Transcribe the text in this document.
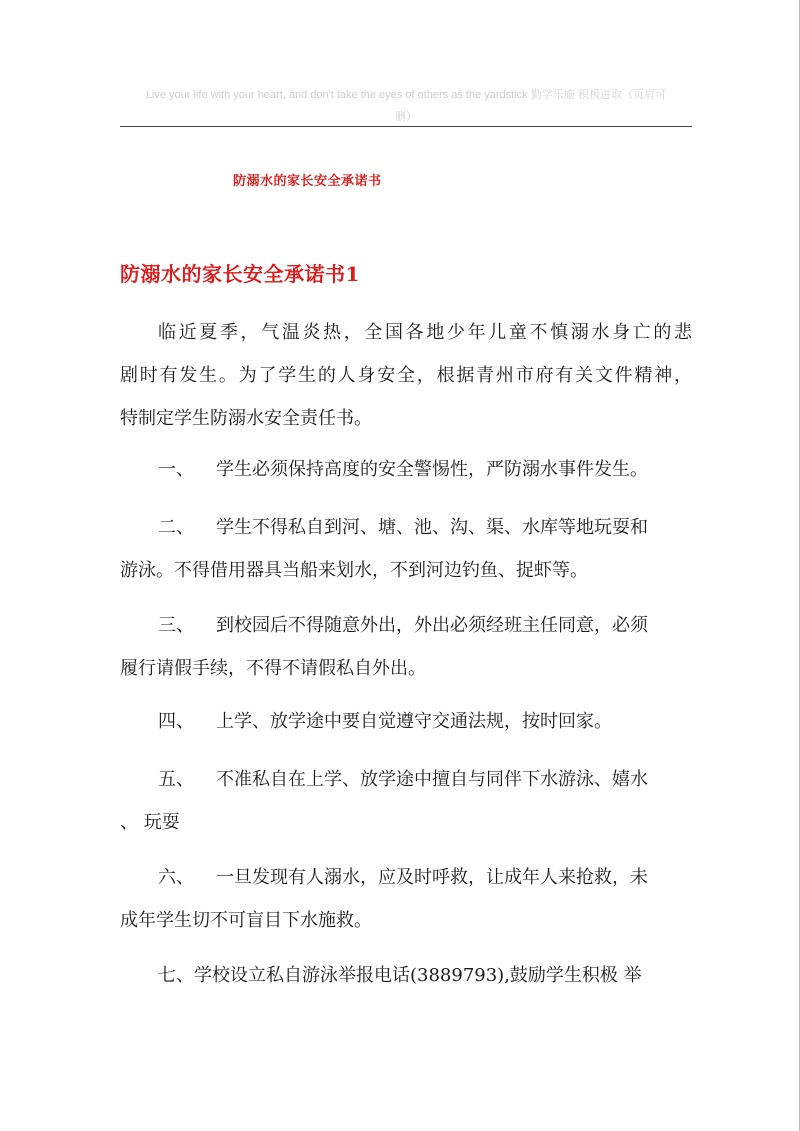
Live your life with your heart, and don't take the eyes of others as the yardstick 勤学乐施 积极进取（页眉可
删）
防溺水的家长安全承诺书
防溺水的家长安全承诺书1
临近夏季，气温炎热，全国各地少年儿童不慎溺水身亡的悲
剧时有发生。为了学生的人身安全，根据青州市府有关文件精神，
特制定学生防溺水安全责任书。
一、 学生必须保持高度的安全警惕性，严防溺水事件发生。
二、 学生不得私自到河、塘、池、沟、渠、水库等地玩耍和
游泳。不得借用器具当船来划水，不到河边钓鱼、捉虾等。
三、 到校园后不得随意外出，外出必须经班主任同意，必须
履行请假手续，不得不请假私自外出。
四、 上学、放学途中要自觉遵守交通法规，按时回家。
五、 不准私自在上学、放学途中擅自与同伴下水游泳、嬉水
、 玩耍
六、 一旦发现有人溺水，应及时呼救，让成年人来抢救，未
成年学生切不可盲目下水施救。
七、学校设立私自游泳举报电话(3889793),鼓励学生积极 举
